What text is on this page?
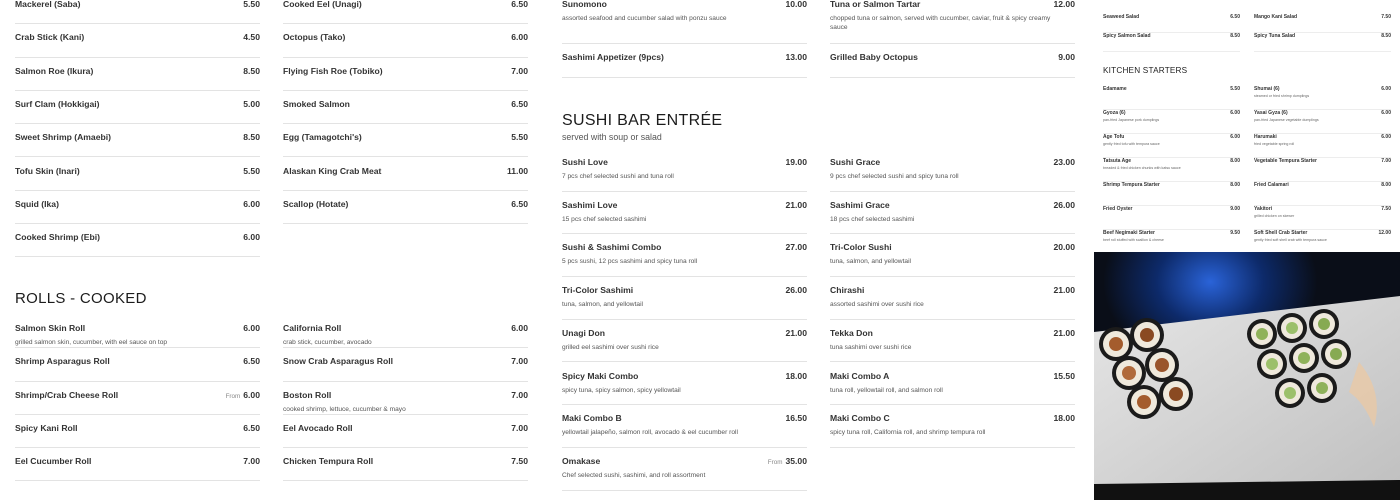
Mackerel (Saba)	5.50
Crab Stick (Kani)	4.50
Salmon Roe (Ikura)	8.50
Surf Clam (Hokkigai)	5.00
Sweet Shrimp (Amaebi)	8.50
Tofu Skin (Inari)	5.50
Squid (Ika)	6.00
Cooked Shrimp (Ebi)	6.00
Cooked Eel (Unagi)	6.50
Octopus (Tako)	6.00
Flying Fish Roe (Tobiko)	7.00
Smoked Salmon	6.50
Egg (Tamagotchi's)	5.50
Alaskan King Crab Meat	11.00
Scallop (Hotate)	6.50
ROLLS - COOKED
Salmon Skin Roll	6.00
grilled salmon skin, cucumber, with eel sauce on top
Shrimp Asparagus Roll	6.50
Shrimp/Crab Cheese Roll	From 6.00
Spicy Kani Roll	6.50
Eel Cucumber Roll	7.00
California Roll	6.00
crab stick, cucumber, avocado
Snow Crab Asparagus Roll	7.00
Boston Roll	7.00
cooked shrimp, lettuce, cucumber & mayo
Eel Avocado Roll	7.00
Chicken Tempura Roll	7.50
Sunomono	10.00
assorted seafood and cucumber salad with ponzu sauce
Sashimi Appetizer (9pcs)	13.00
Tuna or Salmon Tartar	12.00
chopped tuna or salmon, served with cucumber, caviar, fruit & spicy creamy
sauce
Grilled Baby Octopus	9.00
SUSHI BAR ENTRÉE
served with soup or salad
Sushi Love	19.00
7 pcs chef selected sushi and tuna roll
Sashimi Love	21.00
15 pcs chef selected sashimi
Sushi & Sashimi Combo	27.00
5 pcs sushi, 12 pcs sashimi and spicy tuna roll
Tri-Color Sashimi	26.00
tuna, salmon, and yellowtail
Unagi Don	21.00
grilled eel sashimi over sushi rice
Spicy Maki Combo	18.00
spicy tuna, spicy salmon, spicy yellowtail
Maki Combo B	16.50
yellowtail jalapeño, salmon roll, avocado & eel cucumber roll
Omakase	From 35.00
Chef selected sushi, sashimi, and roll assortment
Sushi Grace	23.00
9 pcs chef selected sushi and spicy tuna roll
Sashimi Grace	26.00
18 pcs chef selected sashimi
Tri-Color Sushi	20.00
tuna, salmon, and yellowtail
Chirashi	21.00
assorted sashimi over sushi rice
Tekka Don	21.00
tuna sashimi over sushi rice
Maki Combo A	15.50
tuna roll, yellowtail roll, and salmon roll
Maki Combo C	18.00
spicy tuna roll, California roll, and shrimp tempura roll
Seaweed Salad	6.50
Spicy Salmon Salad	8.50
Mango Kani Salad	7.50
Spicy Tuna Salad	8.50
KITCHEN STARTERS
Edamame	5.50
Gyoza (6)	6.00
pan-fried Japanese pork dumplings
Age Tofu	6.00
gently fried tofu with tempura sauce
Tatsuta Age	8.00
breaded & fried chicken chunks with katsu sauce
Shrimp Tempura Starter	8.00
Fried Oyster	9.00
Beef Negimaki Starter	9.50
beef roll stuffed with scallion & cheese
Shumai (6)	6.00
steamed or fried shrimp dumplings
Yasai Gyza (6)	6.00
pan-fried Japanese vegetable dumplings
Harumaki	6.00
fried vegetable spring roll
Vegetable Tempura Starter	7.00
Fried Calamari	8.00
Yakitori	7.50
grilled chicken on skewer
Soft Shell Crab Starter	12.00
gently fried soft shell crab with tempura sauce
